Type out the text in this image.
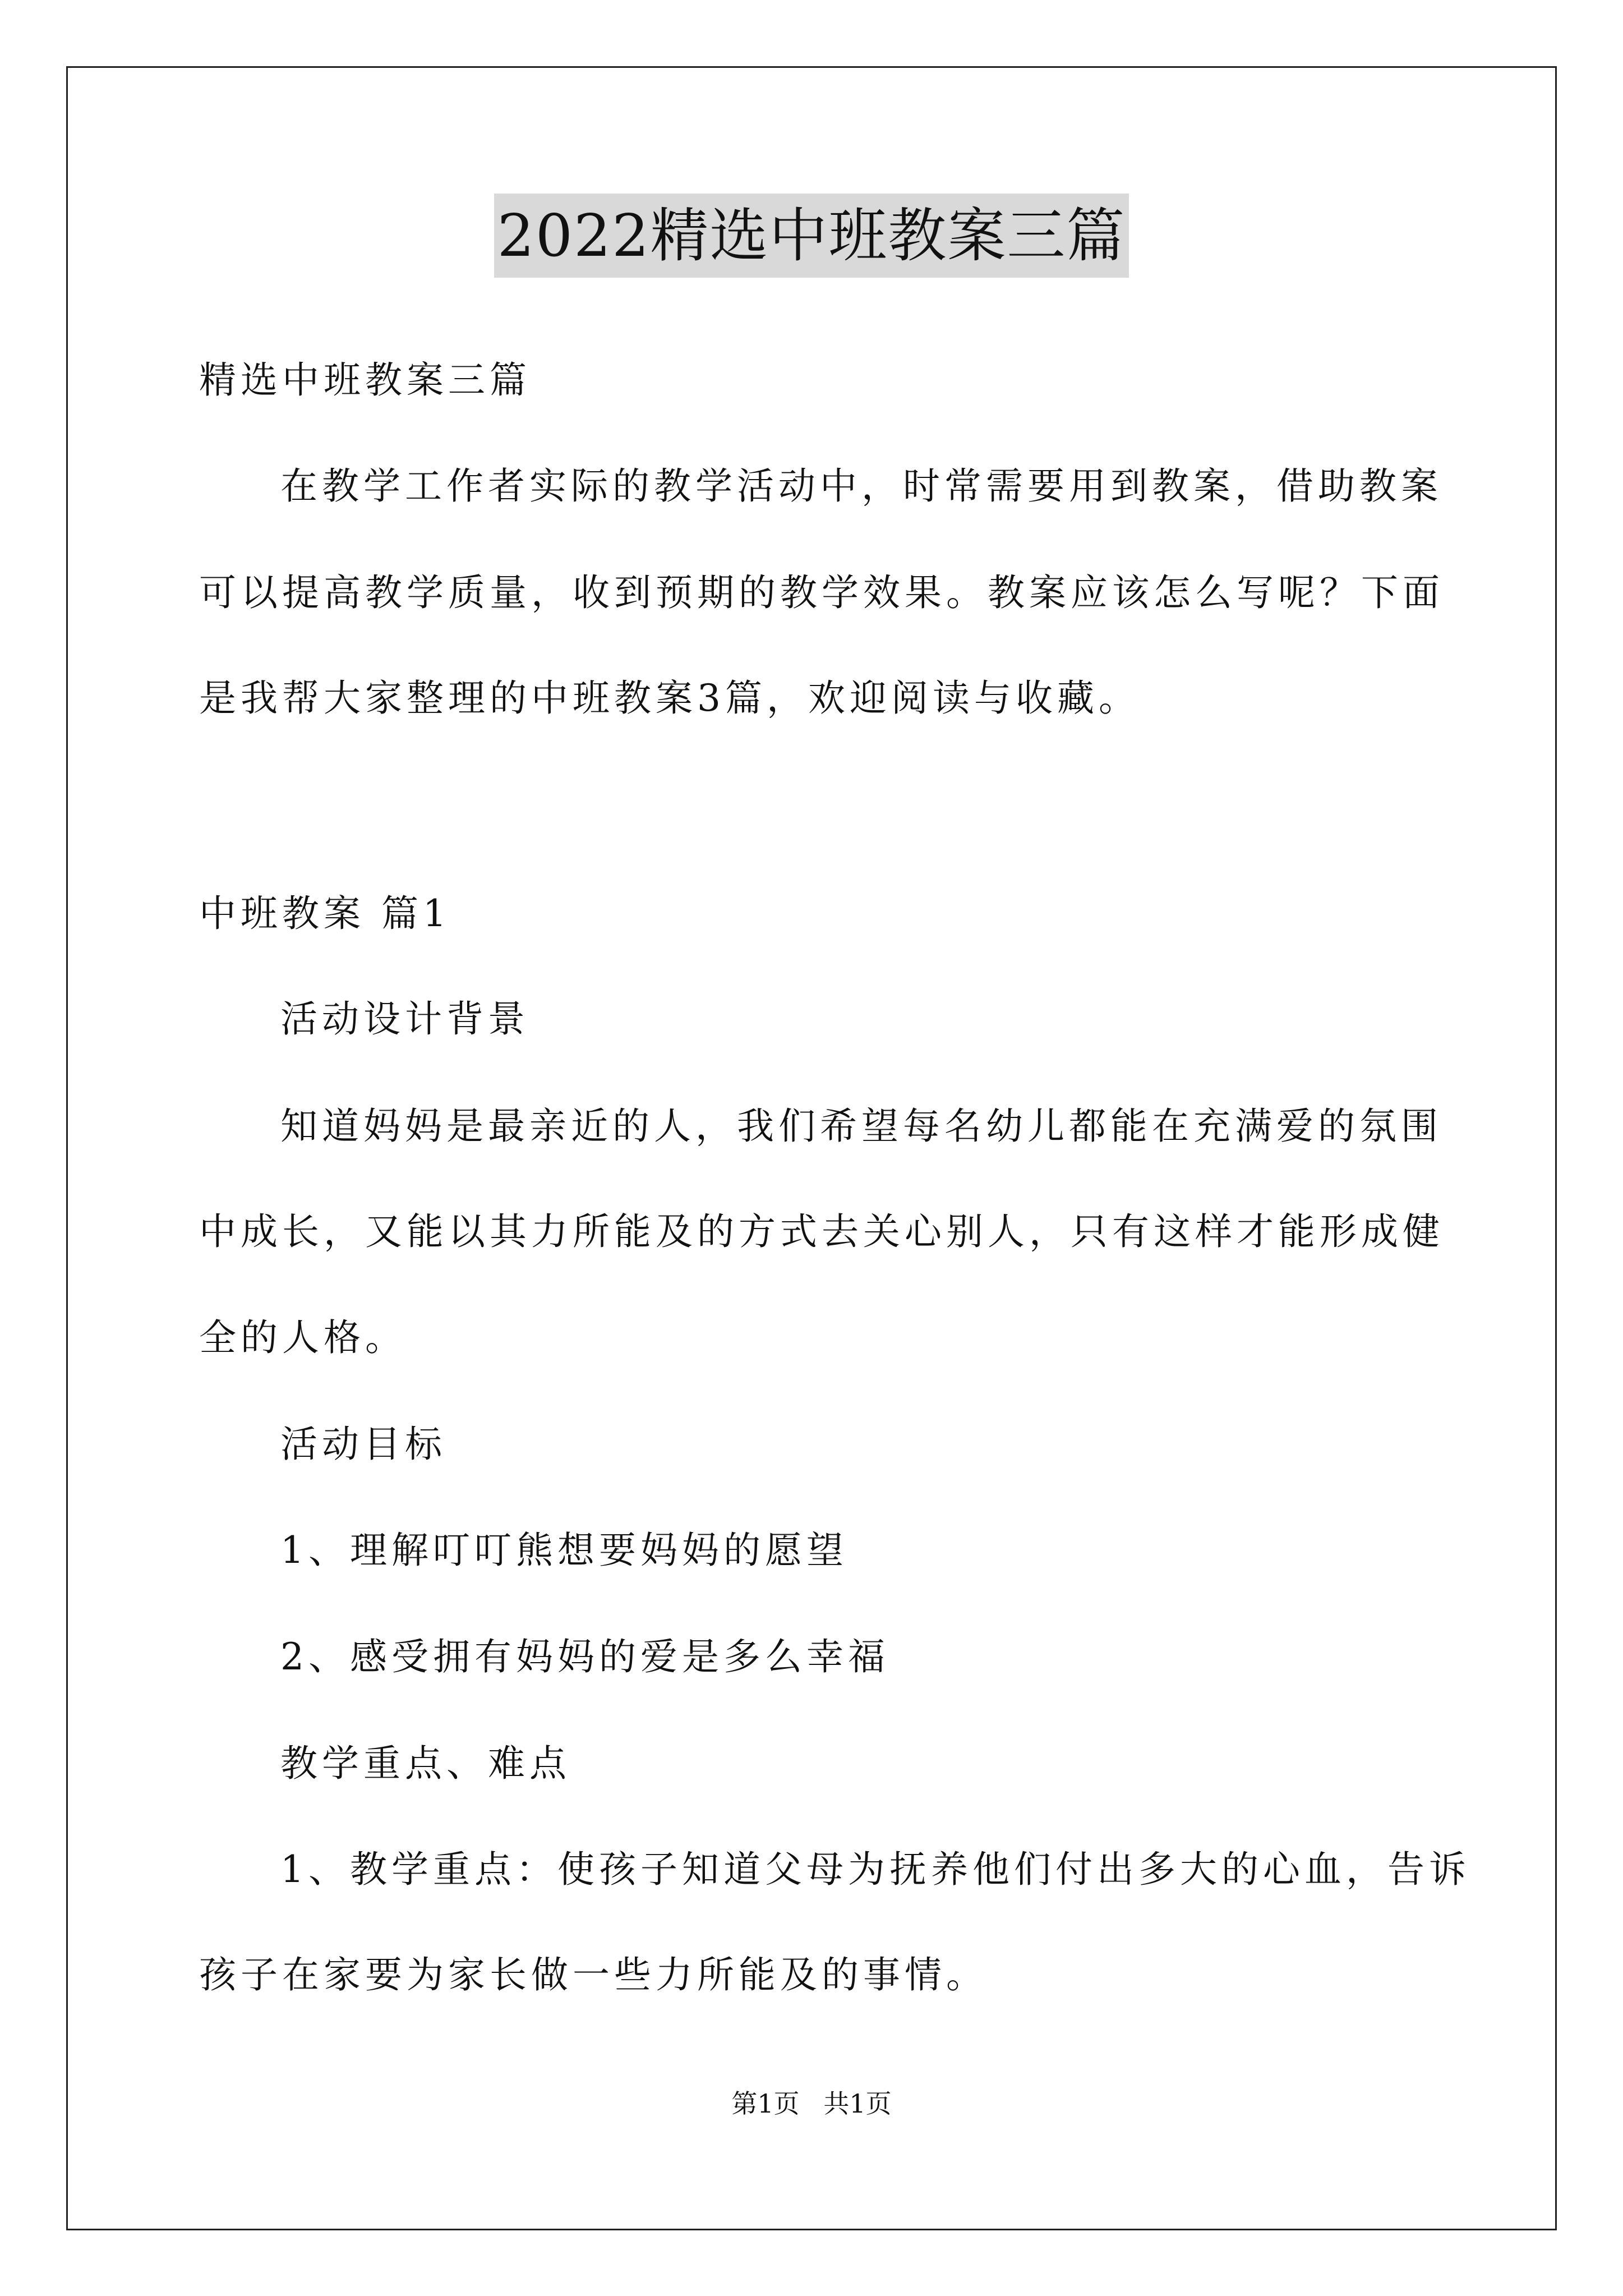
2022精选中班教案三篇
精选中班教案三篇
在教学工作者实际的教学活动中，时常需要用到教案，借助教案
可以提高教学质量，收到预期的教学效果。教案应该怎么写呢？下面
是我帮大家整理的中班教案3篇，欢迎阅读与收藏。
中班教案 篇1
活动设计背景
知道妈妈是最亲近的人，我们希望每名幼儿都能在充满爱的氛围
中成长，又能以其力所能及的方式去关心别人，只有这样才能形成健
全的人格。
活动目标
1、理解叮叮熊想要妈妈的愿望
2、感受拥有妈妈的爱是多么幸福
教学重点、难点
1、教学重点：使孩子知道父母为抚养他们付出多大的心血，告诉
孩子在家要为家长做一些力所能及的事情。
第1页 共1页
